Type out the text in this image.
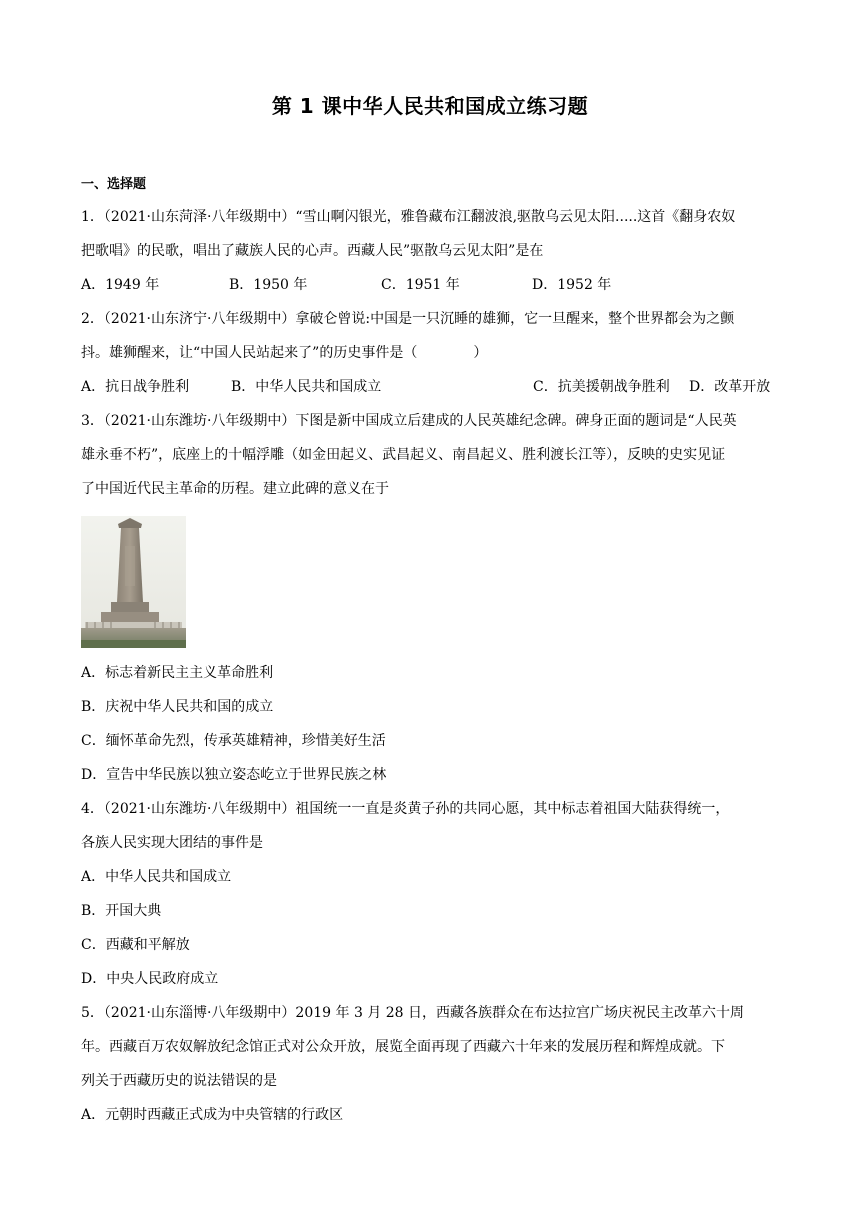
第 1 课中华人民共和国成立练习题
一、选择题
1．（2021·山东菏泽·八年级期中）“雪山啊闪银光，雅鲁藏布江翻波浪,驱散乌云见太阳.....这首《翻身农奴
把歌唱》的民歌，唱出了藏族人民的心声。西藏人民”驱散乌云见太阳”是在
A．1949 年	B．1950 年	C．1951 年	D．1952 年
2．（2021·山东济宁·八年级期中）拿破仑曾说:中国是一只沉睡的雄狮，它一旦醒来，整个世界都会为之颤
抖。雄狮醒来，让“中国人民站起来了”的历史事件是（　　　　）
A．抗日战争胜利	B．中华人民共和国成立	C．抗美援朝战争胜利 D．改革开放
3．（2021·山东潍坊·八年级期中）下图是新中国成立后建成的人民英雄纪念碑。碑身正面的题词是“人民英
雄永垂不朽”，底座上的十幅浮雕（如金田起义、武昌起义、南昌起义、胜利渡长江等），反映的史实见证
了中国近代民主革命的历程。建立此碑的意义在于
A．标志着新民主主义革命胜利
B．庆祝中华人民共和国的成立
C．缅怀革命先烈，传承英雄精神，珍惜美好生活
D．宣告中华民族以独立姿态屹立于世界民族之林
4．（2021·山东潍坊·八年级期中）祖国统一一直是炎黄子孙的共同心愿，其中标志着祖国大陆获得统一，
各族人民实现大团结的事件是
A．中华人民共和国成立
B．开国大典
C．西藏和平解放
D．中央人民政府成立
5．（2021·山东淄博·八年级期中）2019 年 3 月 28 日，西藏各族群众在布达拉宫广场庆祝民主改革六十周
年。西藏百万农奴解放纪念馆正式对公众开放，展览全面再现了西藏六十年来的发展历程和辉煌成就。下
列关于西藏历史的说法错误的是
A．元朝时西藏正式成为中央管辖的行政区
